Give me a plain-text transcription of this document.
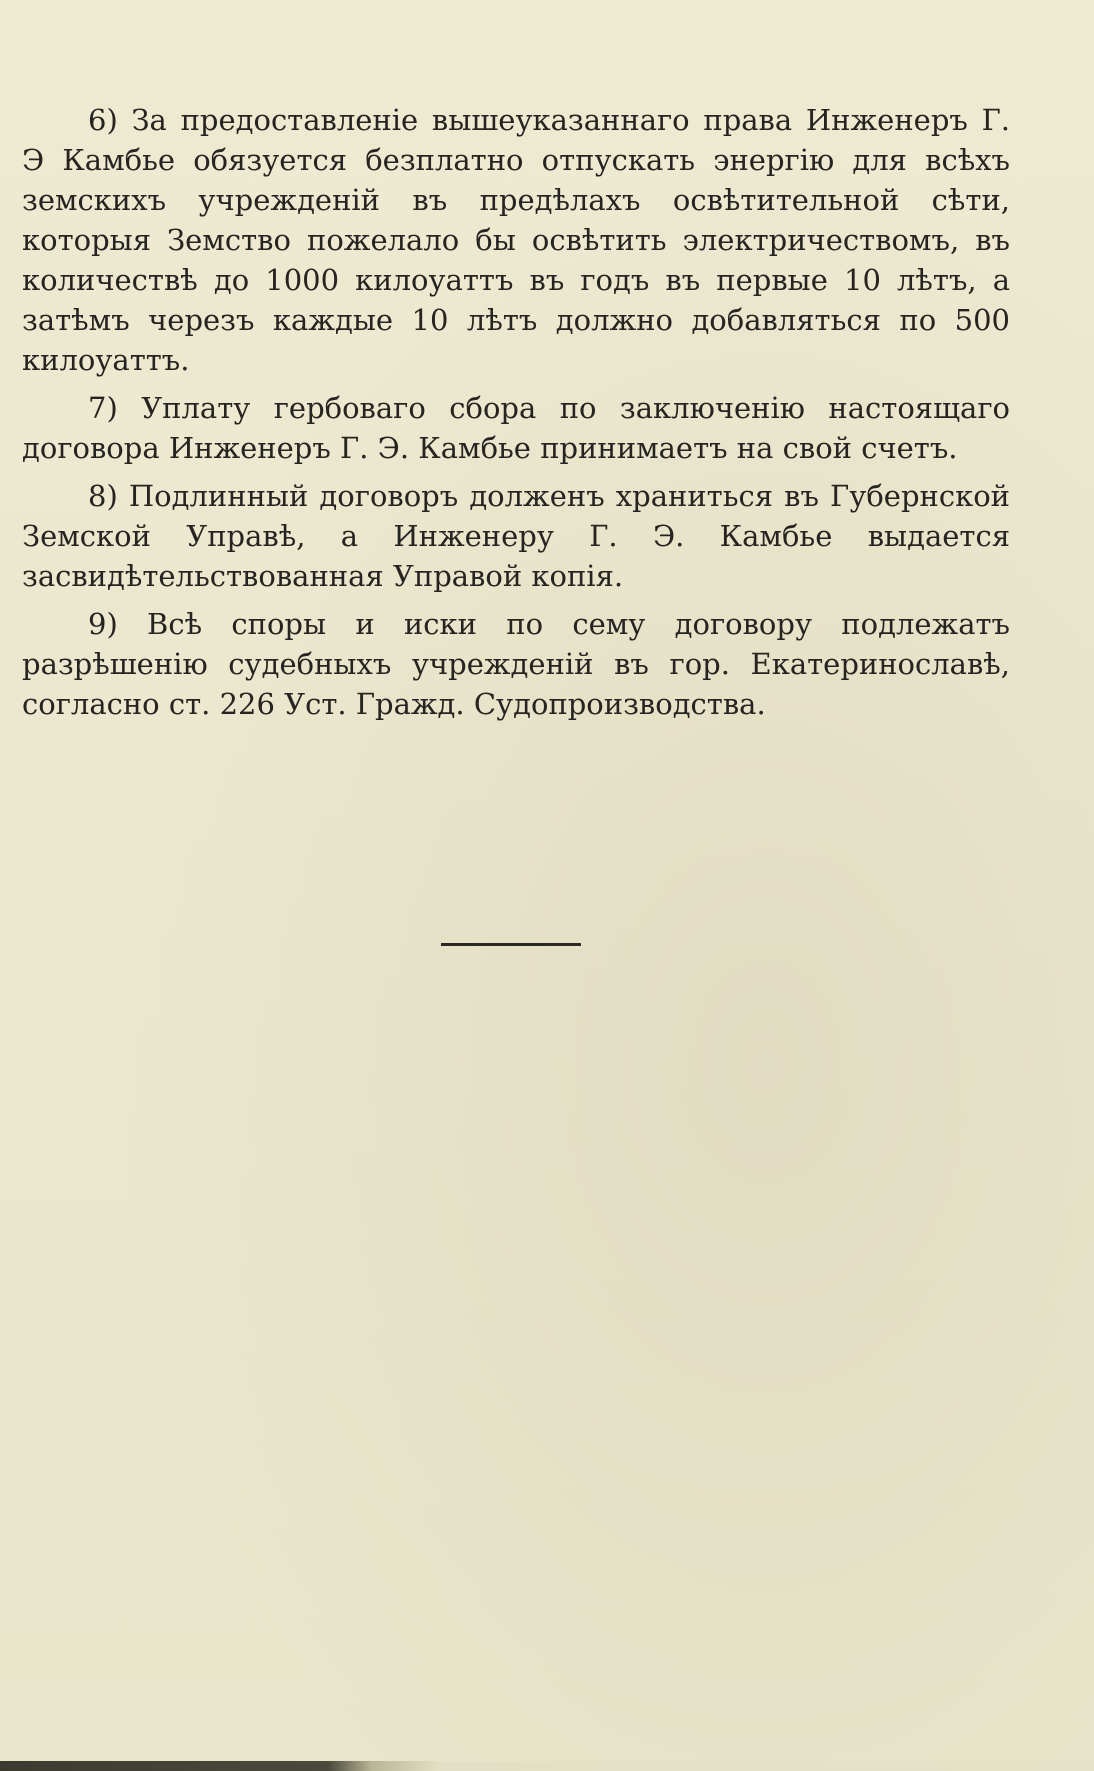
6) За предоставленіе вышеуказаннаго права Инженеръ Г. Э Камбье обязуется безплатно отпускать энергію для всѣхъ земскихъ учрежденій въ предѣлахъ освѣтительной сѣти, которыя Земство пожелало бы освѣтить электричествомъ, въ количествѣ до 1000 килоуаттъ въ годъ въ первые 10 лѣтъ, а затѣмъ черезъ каждые 10 лѣтъ должно добавляться по 500 килоуаттъ.

7) Уплату гербоваго сбора по заключенію настоящаго договора Инженеръ Г. Э. Камбье принимаетъ на свой счетъ.

8) Подлинный договоръ долженъ храниться въ Губернской Земской Управѣ, а Инженеру Г. Э. Камбье выдается засвидѣтельствованная Управой копія.

9) Всѣ споры и иски по сему договору подлежатъ разрѣшенію судебныхъ учрежденій въ гор. Екатеринославѣ, согласно ст. 226 Уст. Гражд. Судопроизводства.
